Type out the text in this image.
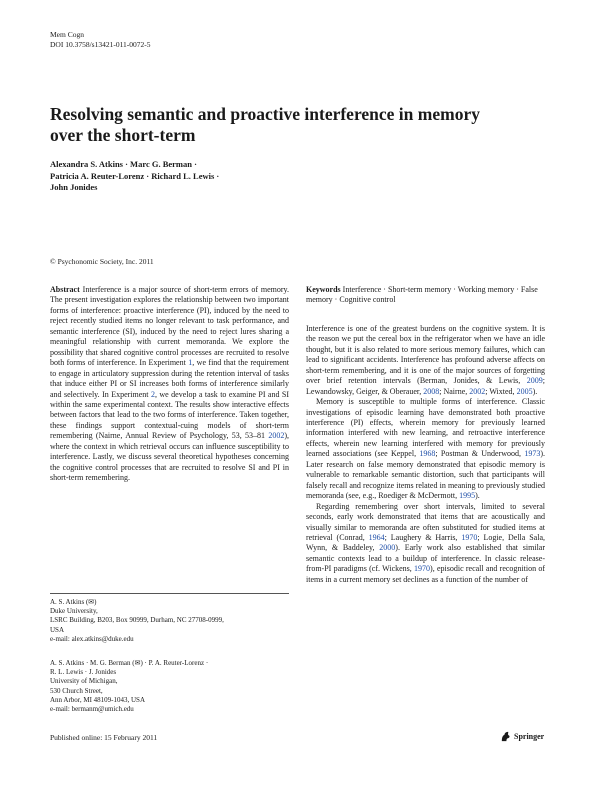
Mem Cogn
DOI 10.3758/s13421-011-0072-5
Resolving semantic and proactive interference in memory over the short-term
Alexandra S. Atkins · Marc G. Berman ·
Patricia A. Reuter-Lorenz · Richard L. Lewis ·
John Jonides
© Psychonomic Society, Inc. 2011

Abstract Interference is a major source of short-term errors of memory. The present investigation explores the relationship between two important forms of interference: proactive interference (PI), induced by the need to reject recently studied items no longer relevant to task performance, and semantic interference (SI), induced by the need to reject lures sharing a meaningful relationship with current memoranda. We explore the possibility that shared cognitive control processes are recruited to resolve both forms of interference. In Experiment 1, we find that the requirement to engage in articulatory suppression during the retention interval of tasks that induce either PI or SI increases both forms of interference similarly and selectively. In Experiment 2, we develop a task to examine PI and SI within the same experimental context. The results show interactive effects between factors that lead to the two forms of interference. Taken together, these findings support contextual-cuing models of short-term remembering (Nairne, Annual Review of Psychology, 53, 53–81 2002), where the context in which retrieval occurs can influence susceptibility to interference. Lastly, we discuss several theoretical hypotheses concerning the cognitive control processes that are recruited to resolve SI and PI in short-term remembering.

A. S. Atkins (✉)
Duke University,
LSRC Building, B203, Box 90999, Durham, NC 27708-0999,
USA
e-mail: alex.atkins@duke.edu
A. S. Atkins · M. G. Berman (✉) · P. A. Reuter-Lorenz ·
R. L. Lewis · J. Jonides
University of Michigan,
530 Church Street,
Ann Arbor, MI 48109-1043, USA
e-mail: bermanm@umich.edu

Keywords Interference · Short-term memory · Working memory · False memory · Cognitive control

Interference is one of the greatest burdens on the cognitive system. It is the reason we put the cereal box in the refrigerator when we have an idle thought, but it is also related to more serious memory failures, which can lead to significant accidents. Interference has profound adverse affects on short-term remembering, and it is one of the major sources of forgetting over brief retention intervals (Berman, Jonides, & Lewis, 2009; Lewandowsky, Geiger, & Oberauer, 2008; Nairne, 2002; Wixted, 2005).

Memory is susceptible to multiple forms of interference. Classic investigations of episodic learning have demonstrated both proactive interference (PI) effects, wherein memory for previously learned information interfered with new learning, and retroactive interference effects, wherein new learning interfered with memory for previously learned associations (see Keppel, 1968; Postman & Underwood, 1973). Later research on false memory demonstrated that episodic memory is vulnerable to remarkable semantic distortion, such that participants will falsely recall and recognize items related in meaning to previously studied memoranda (see, e.g., Roediger & McDermott, 1995).

Regarding remembering over short intervals, limited to several seconds, early work demonstrated that items that are acoustically and visually similar to memoranda are often substituted for studied items at retrieval (Conrad, 1964; Laughery & Harris, 1970; Logie, Della Sala, Wynn, & Baddeley, 2000). Early work also established that similar semantic contexts lead to a buildup of interference. In classic release-from-PI paradigms (cf. Wickens, 1970), episodic recall and recognition of items in a current memory set declines as a function of the number of

Published online: 15 February 2011	Springer
